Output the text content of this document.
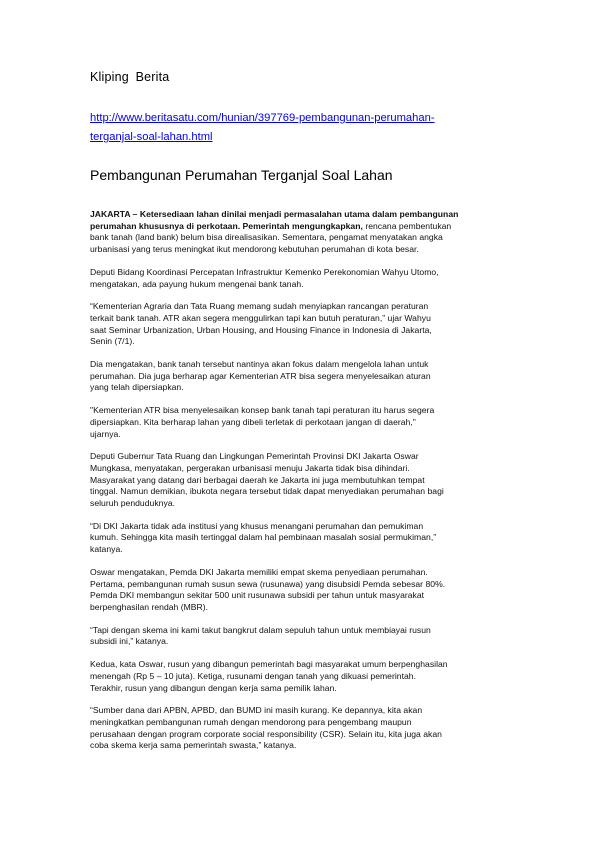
Kliping Berita
http://www.beritasatu.com/hunian/397769-pembangunan-perumahan-
terganjal-soal-lahan.html
Pembangunan Perumahan Terganjal Soal Lahan
JAKARTA – Ketersediaan lahan dinilai menjadi permasalahan utama dalam pembangunan
perumahan khususnya di perkotaan. Pemerintah mengungkapkan, rencana pembentukan
bank tanah (land bank) belum bisa direalisasikan. Sementara, pengamat menyatakan angka
urbanisasi yang terus meningkat ikut mendorong kebutuhan perumahan di kota besar.
Deputi Bidang Koordinasi Percepatan Infrastruktur Kemenko Perekonomian Wahyu Utomo,
mengatakan, ada payung hukum mengenai bank tanah.
“Kementerian Agraria dan Tata Ruang memang sudah menyiapkan rancangan peraturan
terkait bank tanah. ATR akan segera menggulirkan tapi kan butuh peraturan,” ujar Wahyu
saat Seminar Urbanization, Urban Housing, and Housing Finance in Indonesia di Jakarta,
Senin (7/1).
Dia mengatakan, bank tanah tersebut nantinya akan fokus dalam mengelola lahan untuk
perumahan. Dia juga berharap agar Kementerian ATR bisa segera menyelesaikan aturan
yang telah dipersiapkan.
"Kementerian ATR bisa menyelesaikan konsep bank tanah tapi peraturan itu harus segera
dipersiapkan. Kita berharap lahan yang dibeli terletak di perkotaan jangan di daerah,"
ujarnya.
Deputi Gubernur Tata Ruang dan Lingkungan Pemerintah Provinsi DKI Jakarta Oswar
Mungkasa, menyatakan, pergerakan urbanisasi menuju Jakarta tidak bisa dihindari.
Masyarakat yang datang dari berbagai daerah ke Jakarta ini juga membutuhkan tempat
tinggal. Namun demikian, ibukota negara tersebut tidak dapat menyediakan perumahan bagi
seluruh penduduknya.
“Di DKI Jakarta tidak ada institusi yang khusus menangani perumahan dan pemukiman
kumuh. Sehingga kita masih tertinggal dalam hal pembinaan masalah sosial permukiman,”
katanya.
Oswar mengatakan, Pemda DKI Jakarta memiliki empat skema penyediaan perumahan.
Pertama, pembangunan rumah susun sewa (rusunawa) yang disubsidi Pemda sebesar 80%.
Pemda DKI membangun sekitar 500 unit rusunawa subsidi per tahun untuk masyarakat
berpenghasilan rendah (MBR).
“Tapi dengan skema ini kami takut bangkrut dalam sepuluh tahun untuk membiayai rusun
subsidi ini,” katanya.
Kedua, kata Oswar, rusun yang dibangun pemerintah bagi masyarakat umum berpenghasilan
menengah (Rp 5 – 10 juta). Ketiga, rusunami dengan tanah yang dikuasi pemerintah.
Terakhir, rusun yang dibangun dengan kerja sama pemilik lahan.
“Sumber dana dari APBN, APBD, dan BUMD ini masih kurang. Ke depannya, kita akan
meningkatkan pembangunan rumah dengan mendorong para pengembang maupun
perusahaan dengan program corporate social responsibility (CSR). Selain itu, kita juga akan
coba skema kerja sama pemerintah swasta,” katanya.
